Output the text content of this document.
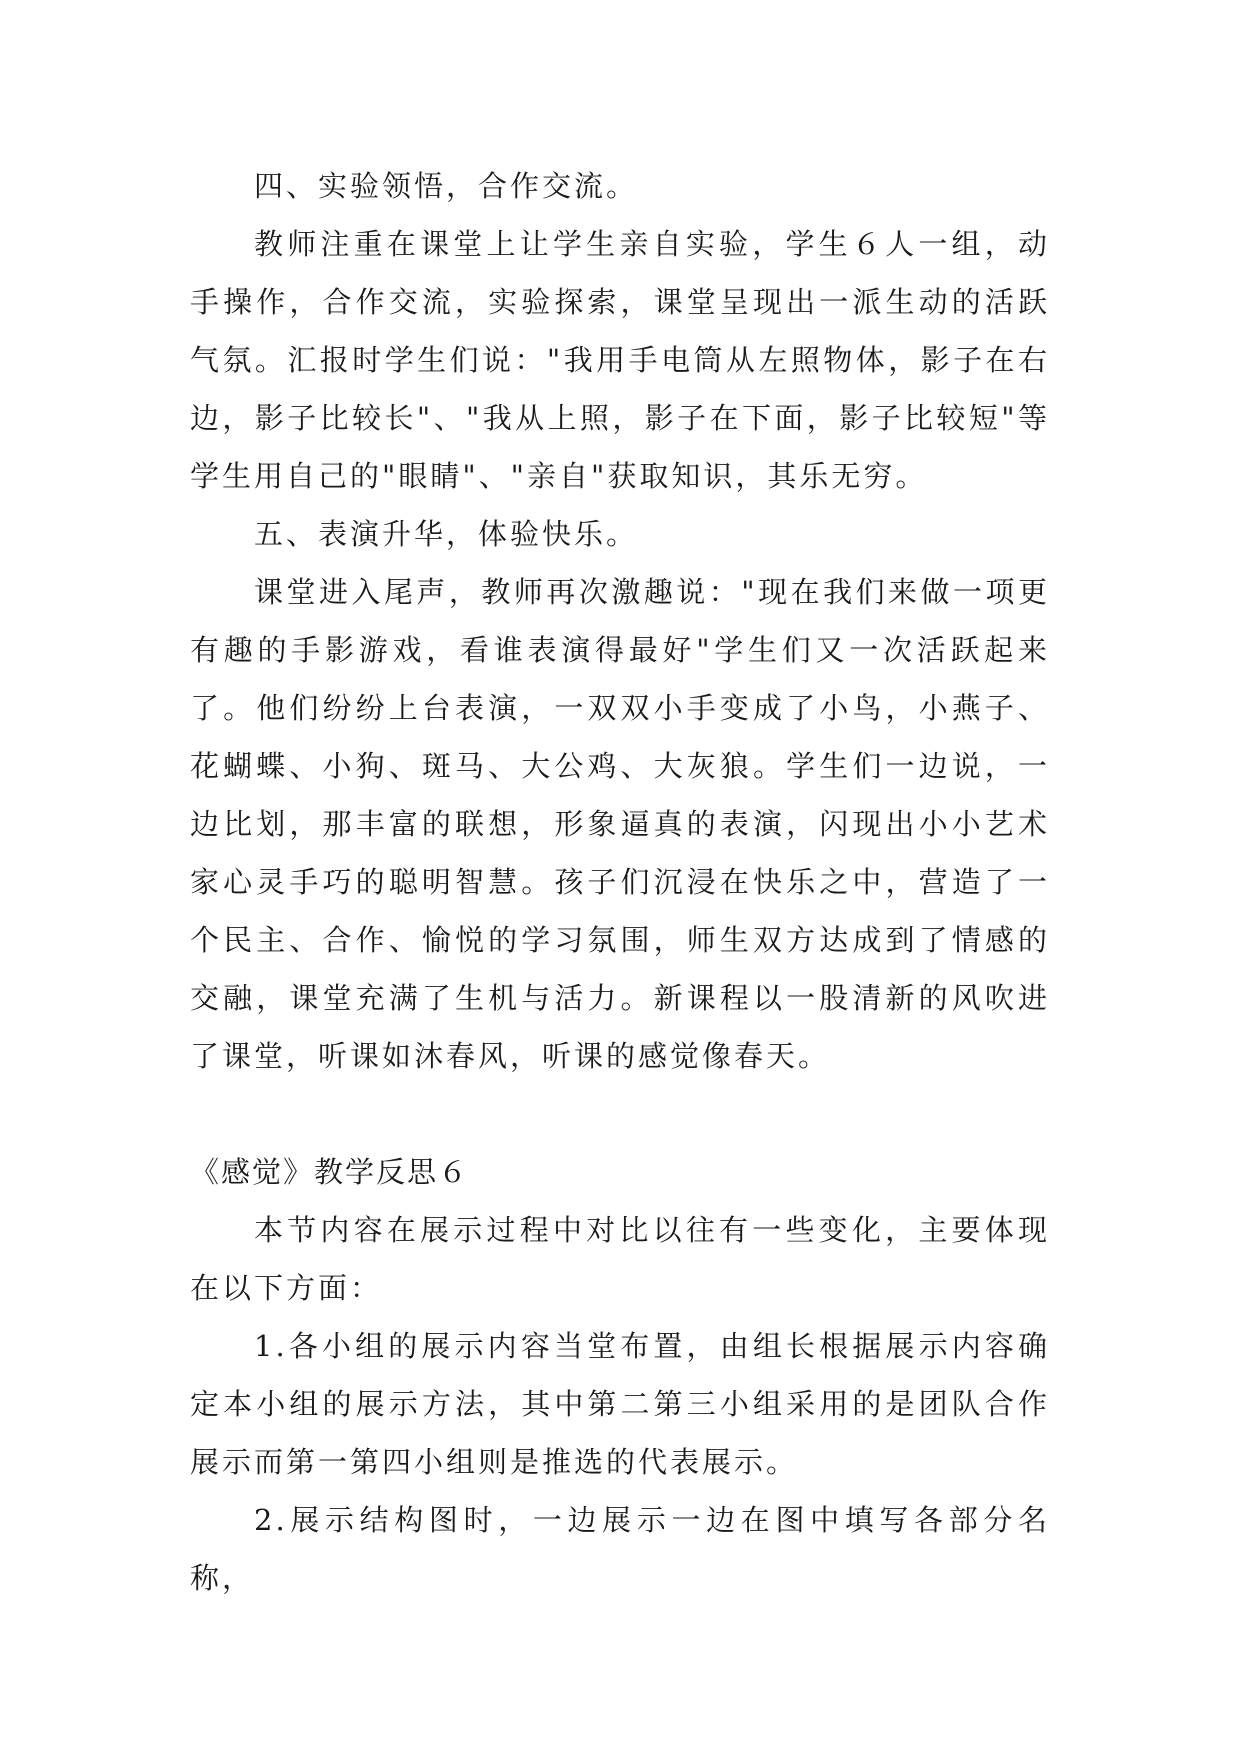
四、实验领悟，合作交流。

教师注重在课堂上让学生亲自实验，学生６人一组，动手操作，合作交流，实验探索，课堂呈现出一派生动的活跃气氛。汇报时学生们说："我用手电筒从左照物体，影子在右边，影子比较长"、"我从上照，影子在下面，影子比较短"等学生用自己的"眼睛"、"亲自"获取知识，其乐无穷。

五、表演升华，体验快乐。

课堂进入尾声，教师再次激趣说："现在我们来做一项更有趣的手影游戏，看谁表演得最好"学生们又一次活跃起来了。他们纷纷上台表演，一双双小手变成了小鸟，小燕子、花蝴蝶、小狗、斑马、大公鸡、大灰狼。学生们一边说，一边比划，那丰富的联想，形象逼真的表演，闪现出小小艺术家心灵手巧的聪明智慧。孩子们沉浸在快乐之中，营造了一个民主、合作、愉悦的学习氛围，师生双方达成到了情感的交融，课堂充满了生机与活力。新课程以一股清新的风吹进了课堂，听课如沐春风，听课的感觉像春天。

《感觉》教学反思６

本节内容在展示过程中对比以往有一些变化，主要体现在以下方面：

1.各小组的展示内容当堂布置，由组长根据展示内容确定本小组的展示方法，其中第二第三小组采用的是团队合作展示而第一第四小组则是推选的代表展示。

2.展示结构图时，一边展示一边在图中填写各部分名称，
